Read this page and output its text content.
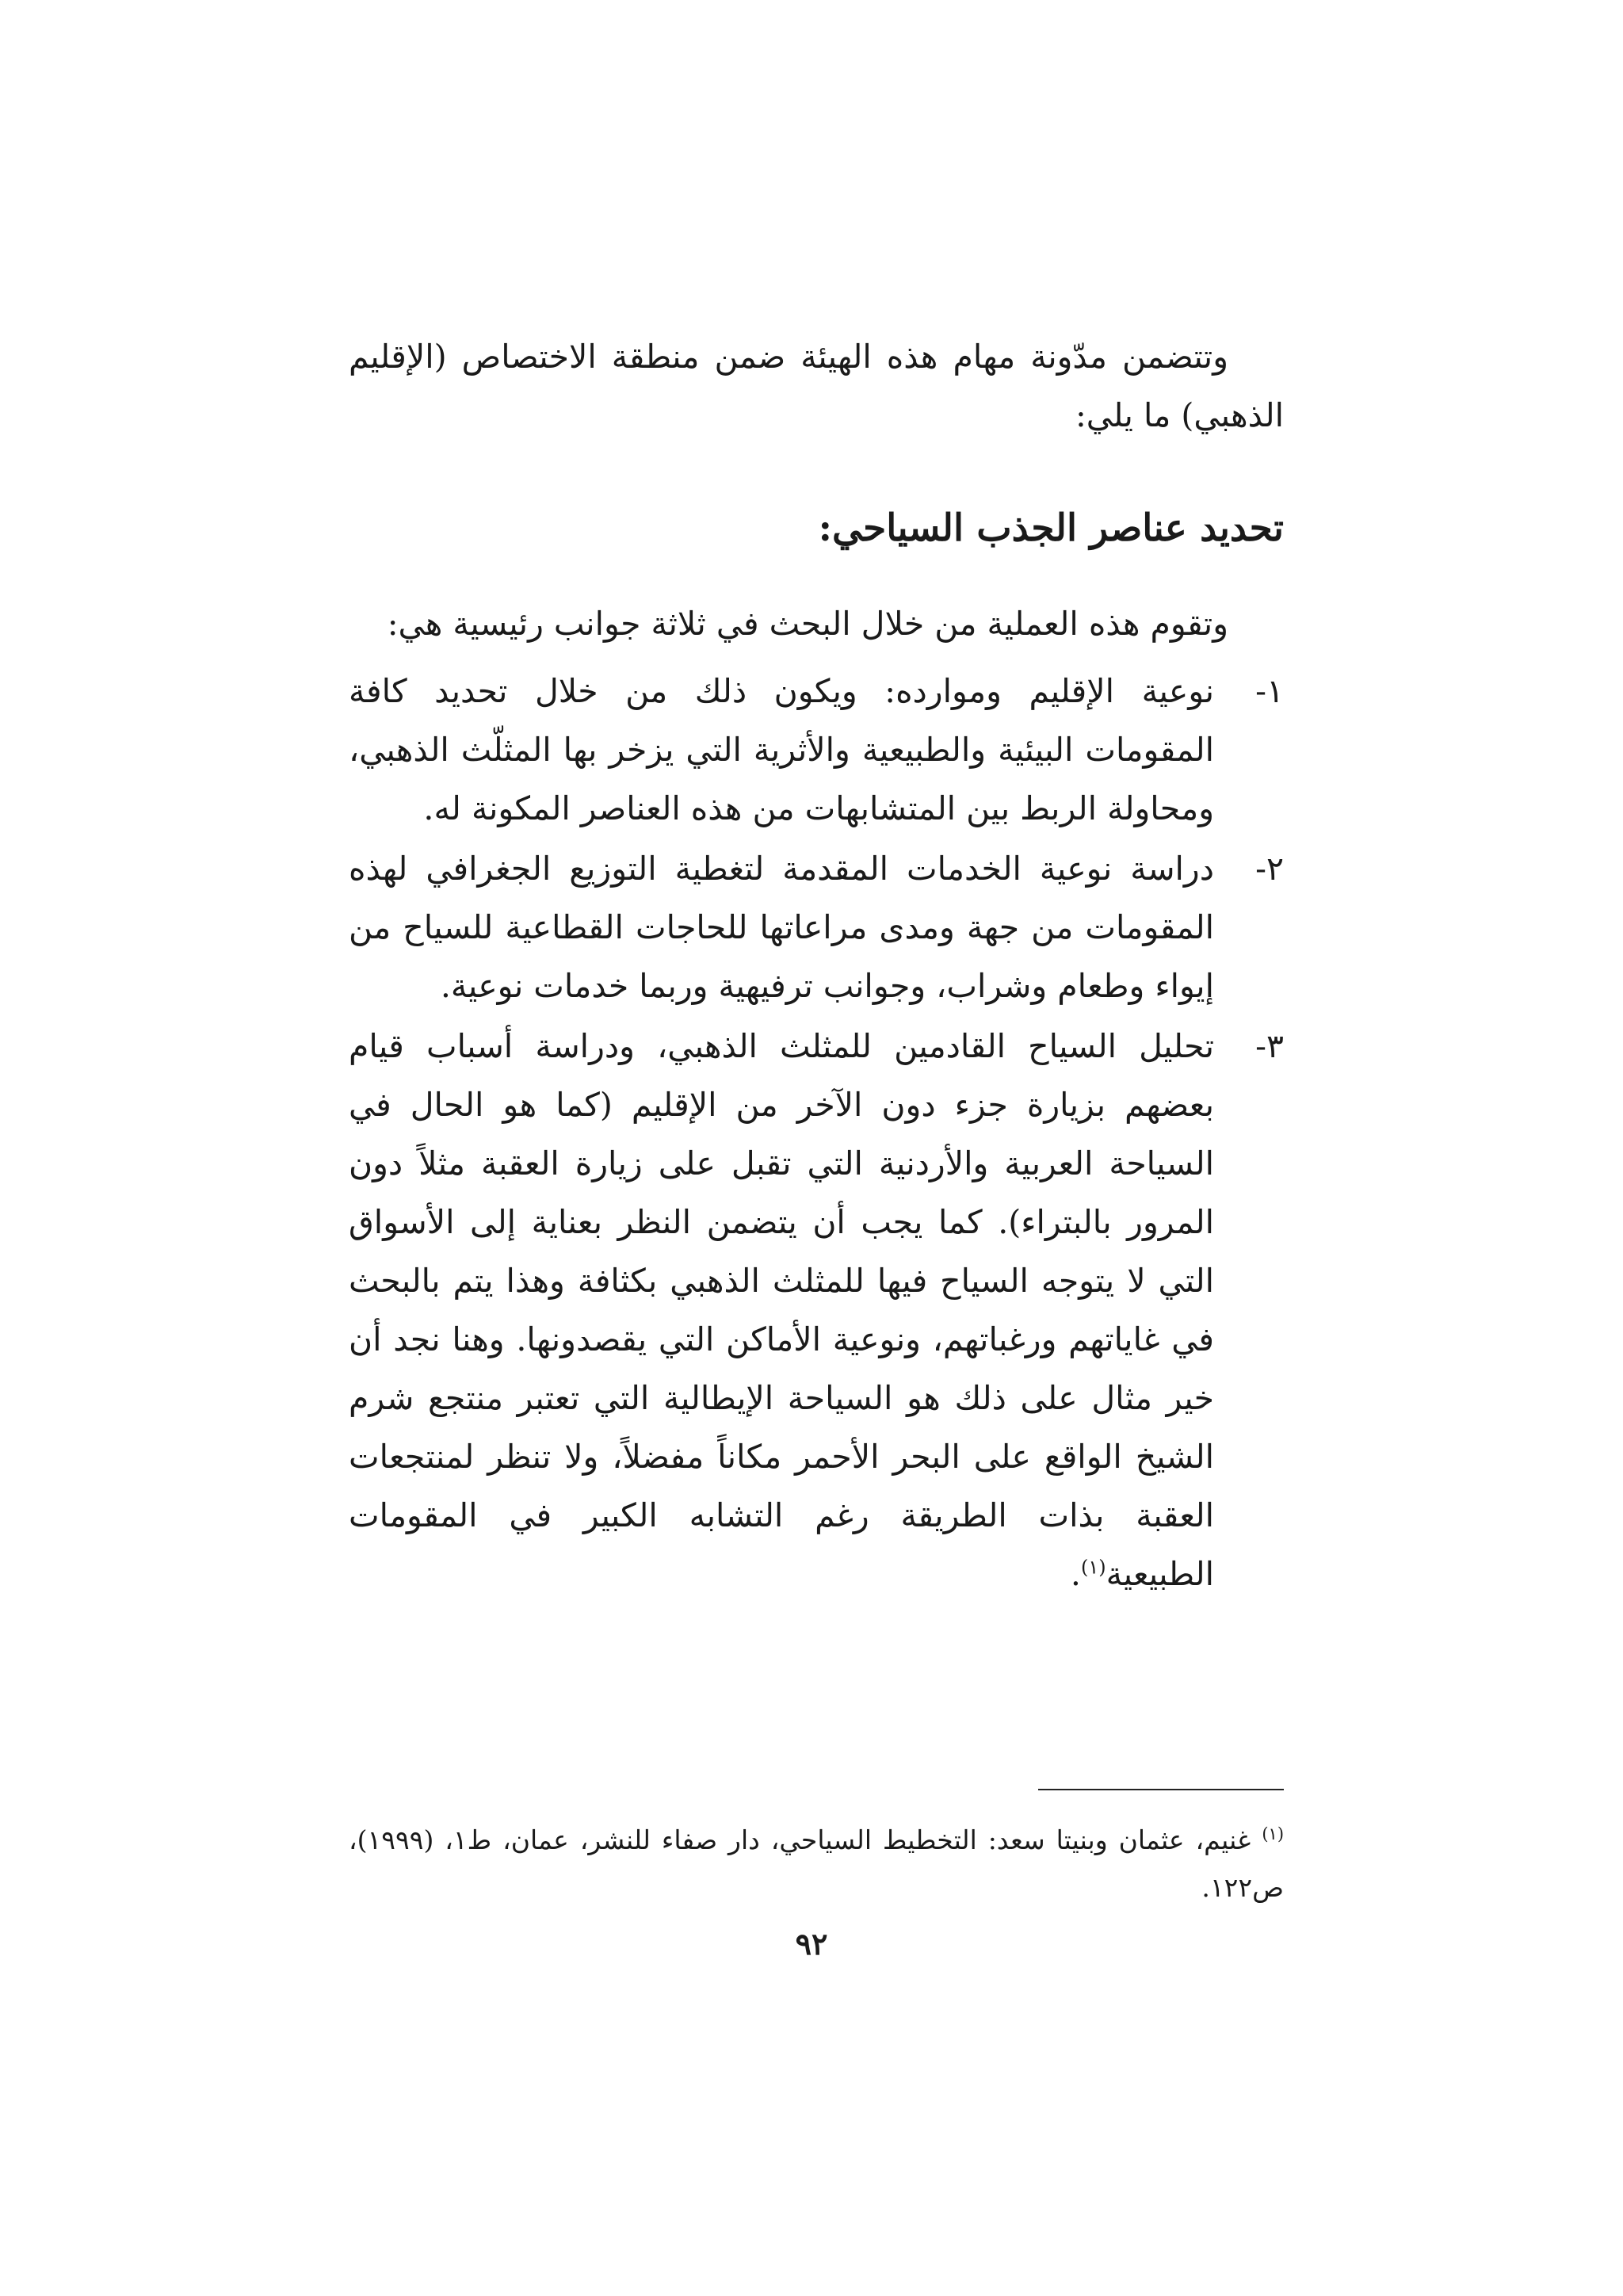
وتتضمن مدّونة مهام هذه الهيئة ضمن منطقة الاختصاص (الإقليم الذهبي) ما يلي:

تحديد عناصر الجذب السياحي:

وتقوم هذه العملية من خلال البحث في ثلاثة جوانب رئيسية هي:

١-
نوعية الإقليم وموارده: ويكون ذلك من خلال تحديد كافة المقومات البيئية والطبيعية والأثرية التي يزخر بها المثلّث الذهبي، ومحاولة الربط بين المتشابهات من هذه العناصر المكونة له.
٢-
دراسة نوعية الخدمات المقدمة لتغطية التوزيع الجغرافي لهذه المقومات من جهة ومدى مراعاتها للحاجات القطاعية للسياح من إيواء وطعام وشراب، وجوانب ترفيهية وربما خدمات نوعية.
٣-
تحليل السياح القادمين للمثلث الذهبي، ودراسة أسباب قيام بعضهم بزيارة جزء دون الآخر من الإقليم (كما هو الحال في السياحة العربية والأردنية التي تقبل على زيارة العقبة مثلاً دون المرور بالبتراء). كما يجب أن يتضمن النظر بعناية إلى الأسواق التي لا يتوجه السياح فيها للمثلث الذهبي بكثافة وهذا يتم بالبحث في غاياتهم ورغباتهم، ونوعية الأماكن التي يقصدونها. وهنا نجد أن خير مثال على ذلك هو السياحة الإيطالية التي تعتبر منتجع شرم الشيخ الواقع على البحر الأحمر مكاناً مفضلاً، ولا تنظر لمنتجعات العقبة بذات الطريقة رغم التشابه الكبير في المقومات الطبيعية$^{(١)}$.
$^{(١)}$غنيم، عثمان وبنيتا سعد: التخطيط السياحي، دار صفاء للنشر، عمان، ط١، (١٩٩٩)، ص١٢٢.
٩٢
